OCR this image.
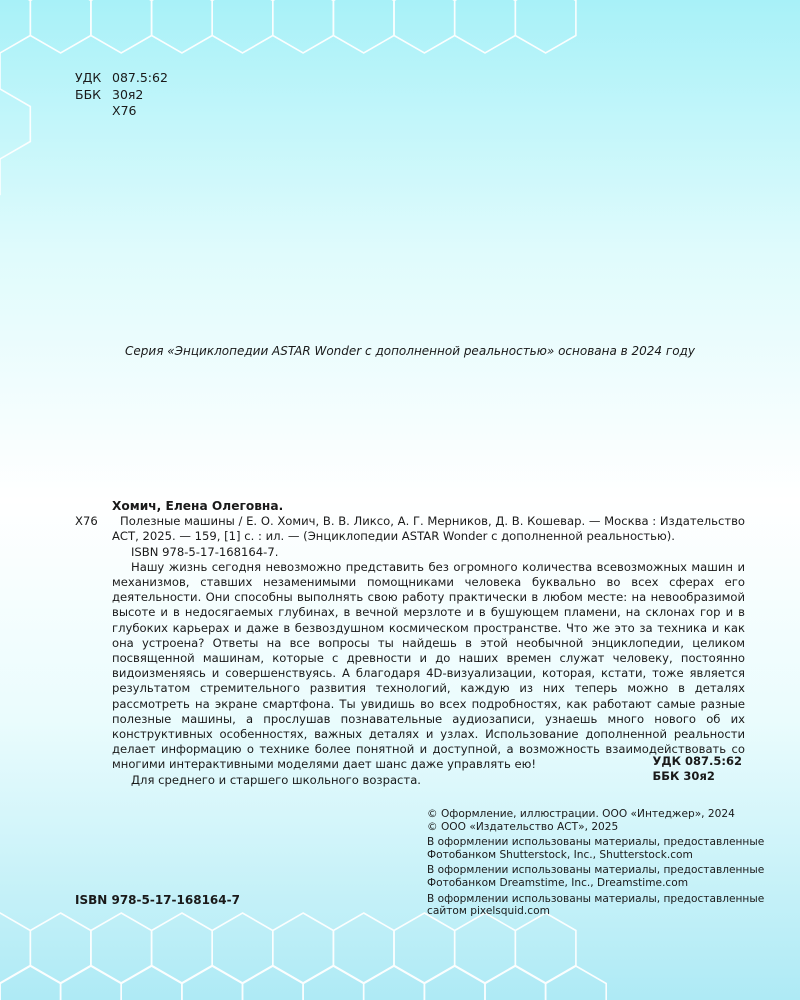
УДК 087.5:62
ББК 30я2
Х76
Серия «Энциклопедии ASTAR Wonder с дополненной реальностью» основана в 2024 году
Хомич, Елена Олеговна.
Х76	Полезные машины / Е. О. Хомич, В. В. Ликсо, А. Г. Мерников, Д. В. Кошевар. — Москва : Издательство АСТ, 2025. — 159, [1] с. : ил. — (Энциклопедии ASTAR Wonder с дополненной реальностью).
ISBN 978-5-17-168164-7.
Нашу жизнь сегодня невозможно представить без огромного количества всевозможных машин и механизмов, ставших незаменимыми помощниками человека буквально во всех сферах его деятельности. Они способны выполнять свою работу практически в любом месте: на невообразимой высоте и в недосягаемых глубинах, в вечной мерзлоте и в бушующем пламени, на склонах гор и в глубоких карьерах и даже в безвоздушном космическом пространстве. Что же это за техника и как она устроена? Ответы на все вопросы ты найдешь в этой необычной энциклопедии, целиком посвященной машинам, которые с древности и до наших времен служат человеку, постоянно видоизменяясь и совершенствуясь. А благодаря 4D-визуализации, которая, кстати, тоже является результатом стремительного развития технологий, каждую из них теперь можно в деталях рассмотреть на экране смартфона. Ты увидишь во всех подробностях, как работают самые разные полезные машины, а прослушав познавательные аудиозаписи, узнаешь много нового об их конструктивных особенностях, важных деталях и узлах. Использование дополненной реальности делает информацию о технике более понятной и доступной, а возможность взаимодействовать со многими интерактивными моделями дает шанс даже управлять ею!
Для среднего и старшего школьного возраста.
УДК 087.5:62
ББК 30я2
© Оформление, иллюстрации. ООО «Интеджер», 2024
© ООО «Издательство АСТ», 2025
В оформлении использованы материалы, предоставленные Фотобанком Shutterstock, Inc., Shutterstock.com
В оформлении использованы материалы, предоставленные Фотобанком Dreamstime, Inc., Dreamstime.com
В оформлении использованы материалы, предоставленные сайтом pixelsquid.com
ISBN 978-5-17-168164-7
